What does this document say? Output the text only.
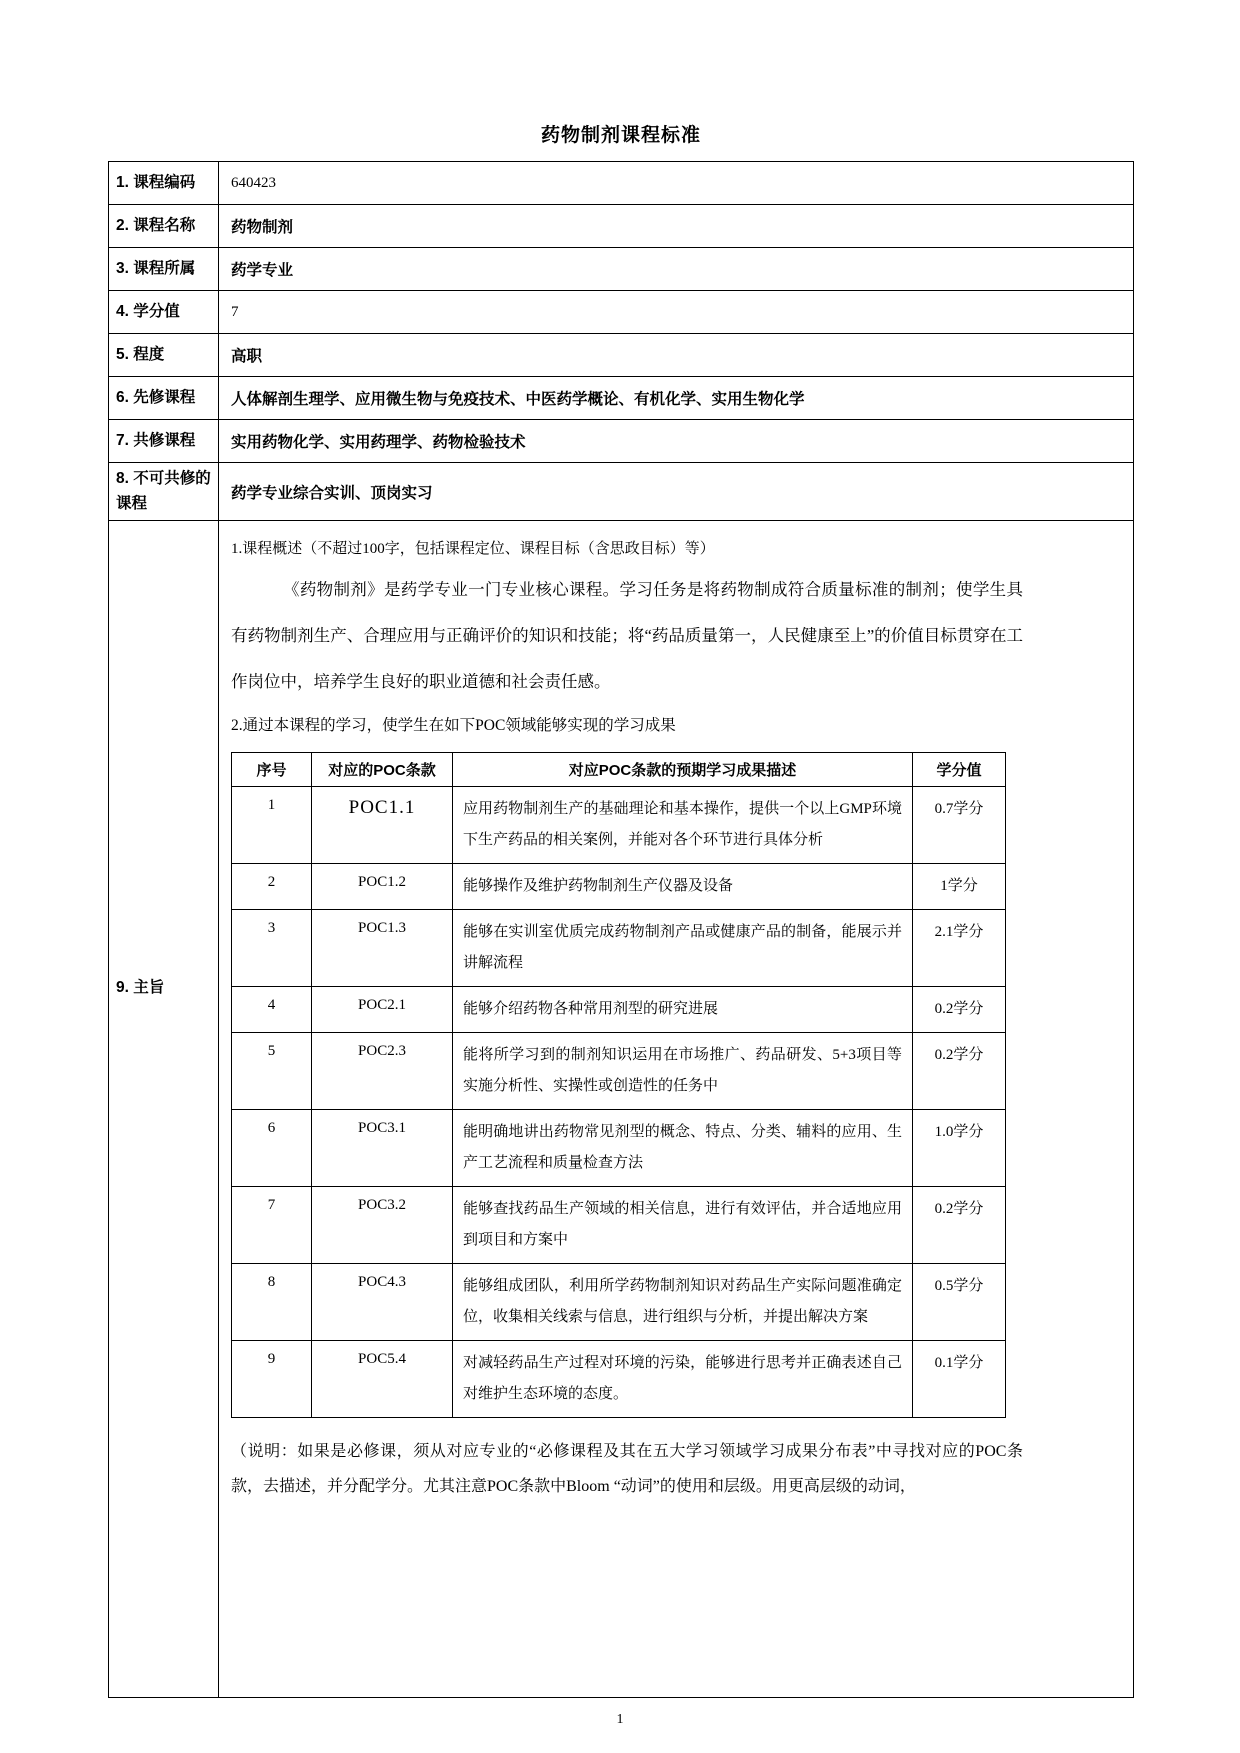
药物制剂课程标准
1. 课程编码	640423
2. 课程名称	药物制剂
3. 课程所属	药学专业
4. 学分值	7
5. 程度	高职
6. 先修课程	人体解剖生理学、应用微生物与免疫技术、中医药学概论、有机化学、实用生物化学
7. 共修课程	实用药物化学、实用药理学、药物检验技术
8. 不可共修的课程	药学专业综合实训、顶岗实习
9. 主旨	

1.课程概述（不超过100字，包括课程定位、课程目标（含思政目标）等）

《药物制剂》是药学专业一门专业核心课程。学习任务是将药物制成符合质量标准的制剂；使学生具有药物制剂生产、合理应用与正确评价的知识和技能；将“药品质量第一，人民健康至上”的价值目标贯穿在工作岗位中，培养学生良好的职业道德和社会责任感。

2.通过本课程的学习，使学生在如下POC领域能够实现的学习成果

序号	对应的POC条款	对应POC条款的预期学习成果描述	学分值
1	POC1.1	应用药物制剂生产的基础理论和基本操作，提供一个以上GMP环境下生产药品的相关案例，并能对各个环节进行具体分析	0.7学分
2	POC1.2	能够操作及维护药物制剂生产仪器及设备	1学分
3	POC1.3	能够在实训室优质完成药物制剂产品或健康产品的制备，能展示并讲解流程	2.1学分
4	POC2.1	能够介绍药物各种常用剂型的研究进展	0.2学分
5	POC2.3	能将所学习到的制剂知识运用在市场推广、药品研发、5+3项目等实施分析性、实操性或创造性的任务中	0.2学分
6	POC3.1	能明确地讲出药物常见剂型的概念、特点、分类、辅料的应用、生产工艺流程和质量检查方法	1.0学分
7	POC3.2	能够查找药品生产领域的相关信息，进行有效评估，并合适地应用到项目和方案中	0.2学分
8	POC4.3	能够组成团队，利用所学药物制剂知识对药品生产实际问题准确定位，收集相关线索与信息，进行组织与分析，并提出解决方案	0.5学分
9	POC5.4	对减轻药品生产过程对环境的污染，能够进行思考并正确表述自己对维护生态环境的态度。	0.1学分

（说明：如果是必修课，须从对应专业的“必修课程及其在五大学习领域学习成果分布表”中寻找对应的POC条款，去描述，并分配学分。尤其注意POC条款中Bloom “动词”的使用和层级。用更高层级的动词，

1
